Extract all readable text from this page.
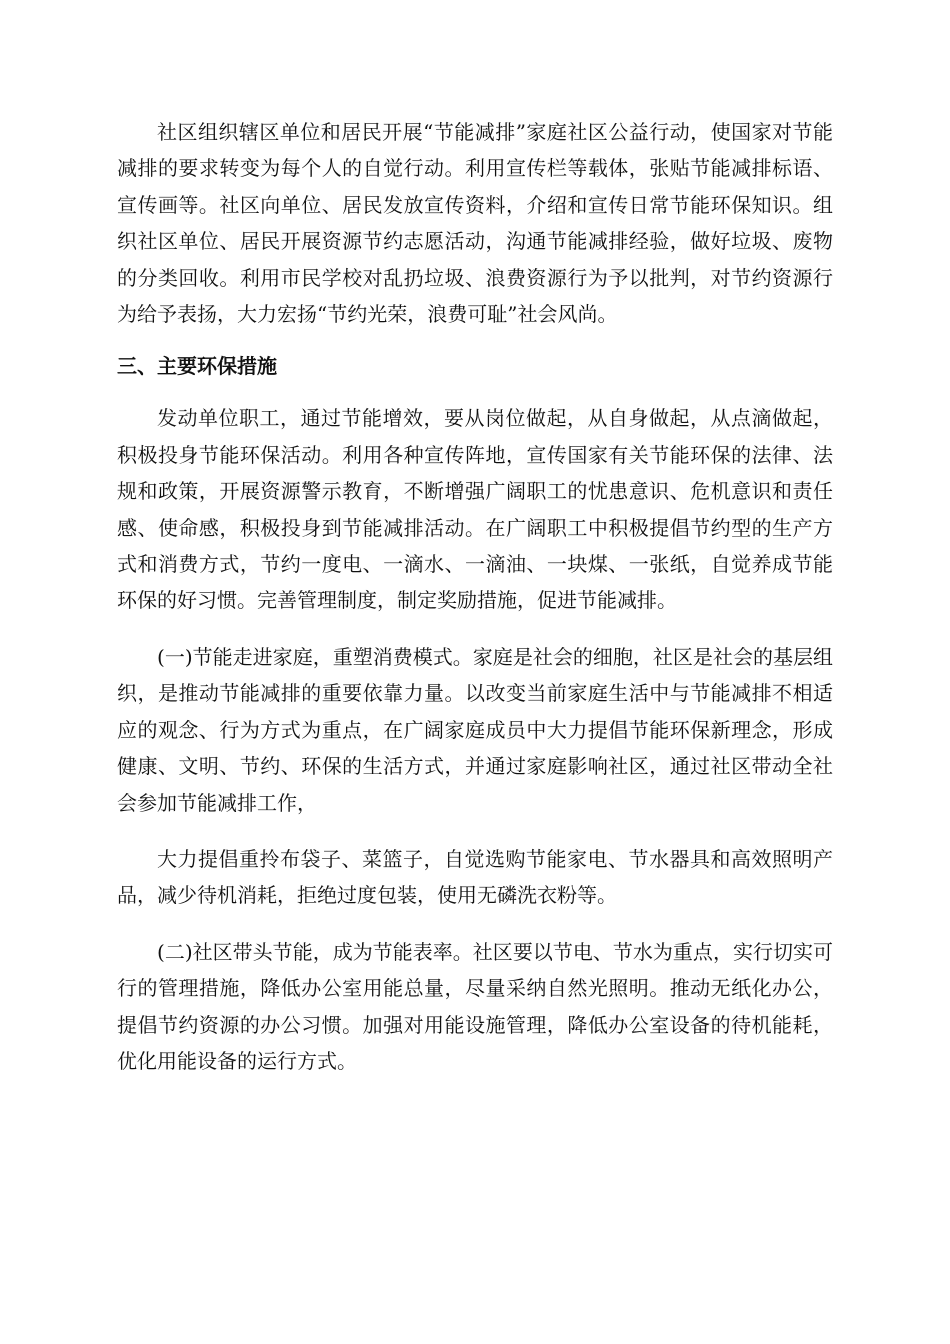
社区组织辖区单位和居民开展“节能减排”家庭社区公益行动，使国家对节能减排的要求转变为每个人的自觉行动。利用宣传栏等载体，张贴节能减排标语、宣传画等。社区向单位、居民发放宣传资料，介绍和宣传日常节能环保知识。组织社区单位、居民开展资源节约志愿活动，沟通节能减排经验，做好垃圾、废物的分类回收。利用市民学校对乱扔垃圾、浪费资源行为予以批判，对节约资源行为给予表扬，大力宏扬“节约光荣，浪费可耻”社会风尚。

三、主要环保措施

发动单位职工，通过节能增效，要从岗位做起，从自身做起，从点滴做起，积极投身节能环保活动。利用各种宣传阵地，宣传国家有关节能环保的法律、法规和政策，开展资源警示教育，不断增强广阔职工的忧患意识、危机意识和责任感、使命感，积极投身到节能减排活动。在广阔职工中积极提倡节约型的生产方式和消费方式，节约一度电、一滴水、一滴油、一块煤、一张纸，自觉养成节能环保的好习惯。完善管理制度，制定奖励措施，促进节能减排。

(一)节能走进家庭，重塑消费模式。家庭是社会的细胞，社区是社会的基层组织，是推动节能减排的重要依靠力量。以改变当前家庭生活中与节能减排不相适应的观念、行为方式为重点，在广阔家庭成员中大力提倡节能环保新理念，形成健康、文明、节约、环保的生活方式，并通过家庭影响社区，通过社区带动全社会参加节能减排工作，

大力提倡重拎布袋子、菜篮子，自觉选购节能家电、节水器具和高效照明产品，减少待机消耗，拒绝过度包装，使用无磷洗衣粉等。

(二)社区带头节能，成为节能表率。社区要以节电、节水为重点，实行切实可行的管理措施，降低办公室用能总量，尽量采纳自然光照明。推动无纸化办公，提倡节约资源的办公习惯。加强对用能设施管理，降低办公室设备的待机能耗，优化用能设备的运行方式。
